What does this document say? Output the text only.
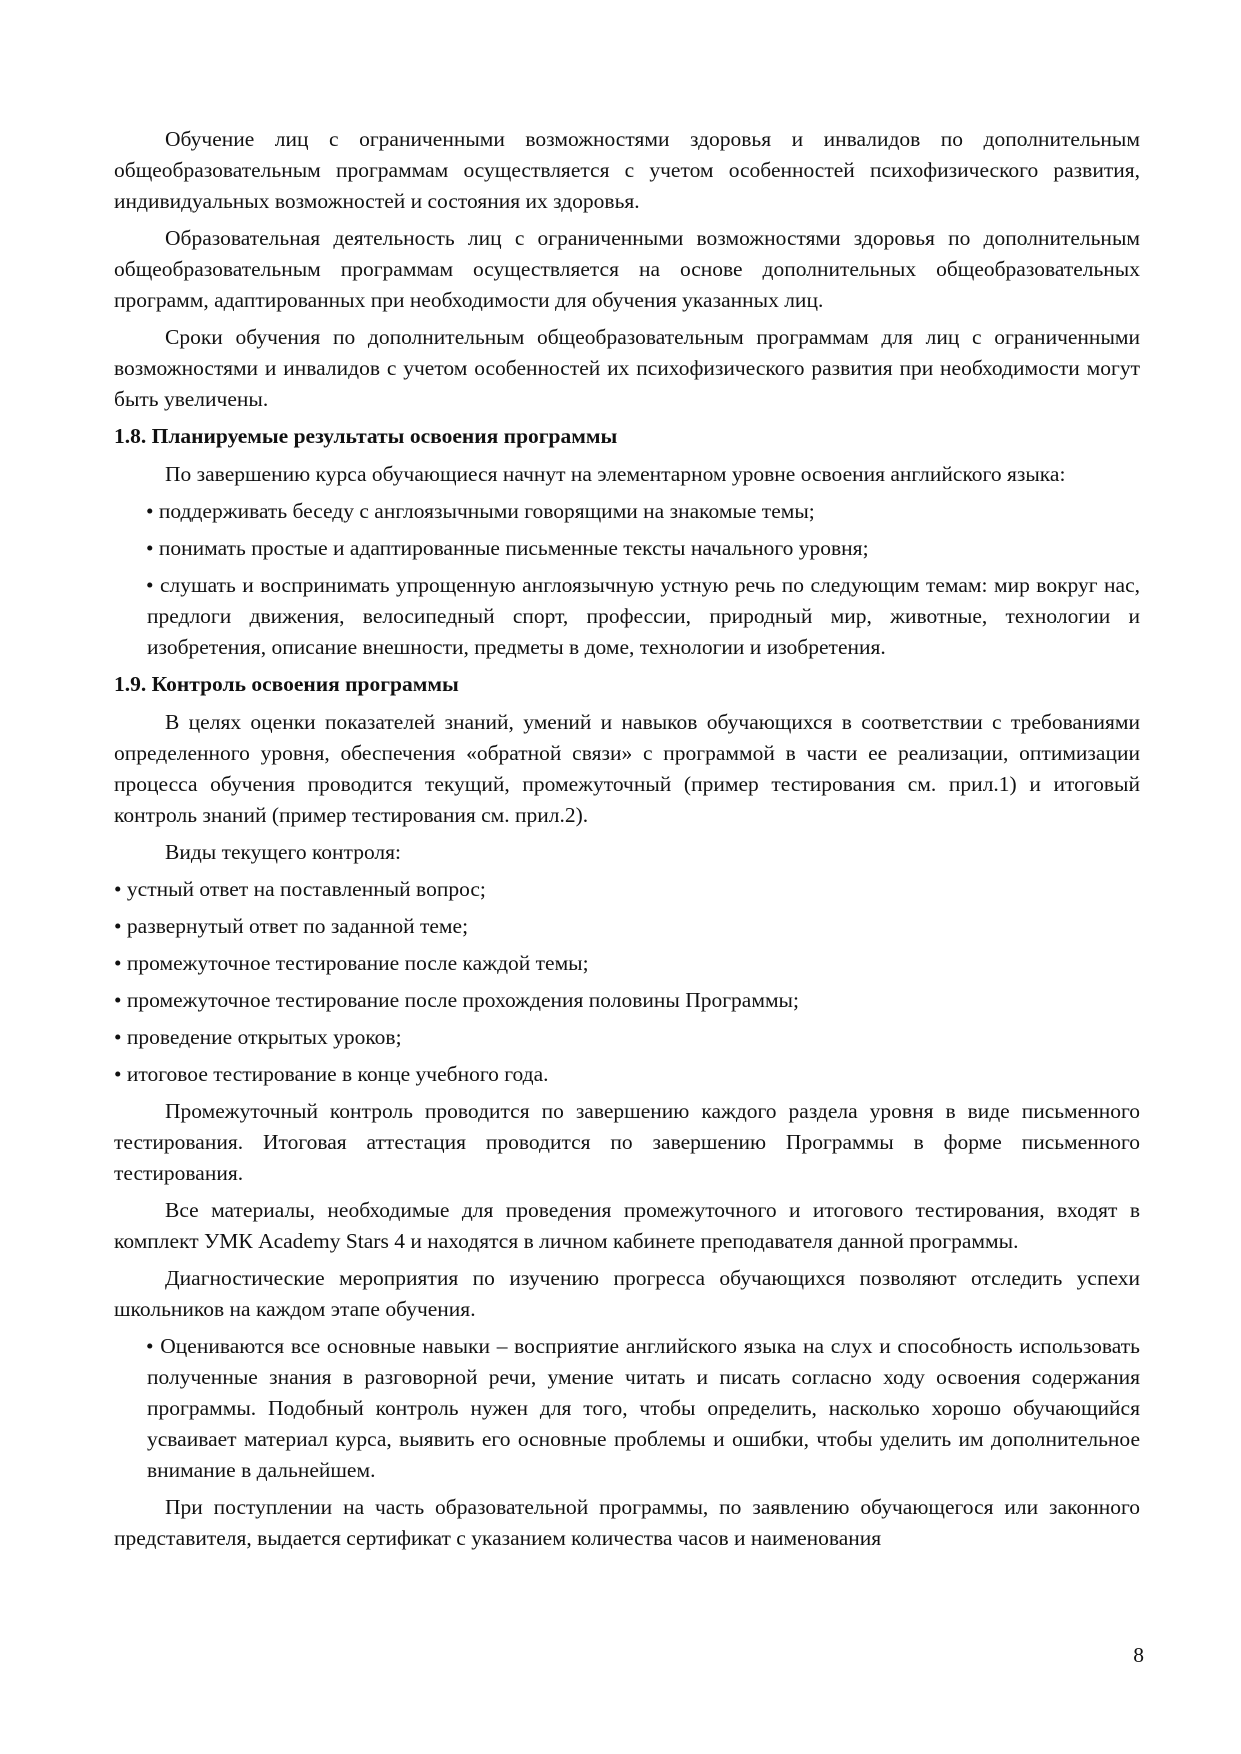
Обучение лиц с ограниченными возможностями здоровья и инвалидов по дополнительным общеобразовательным программам осуществляется с учетом особенностей психофизического развития, индивидуальных возможностей и состояния их здоровья.

Образовательная деятельность лиц с ограниченными возможностями здоровья по дополнительным общеобразовательным программам осуществляется на основе дополнительных общеобразовательных программ, адаптированных при необходимости для обучения указанных лиц.

Сроки обучения по дополнительным общеобразовательным программам для лиц с ограниченными возможностями и инвалидов с учетом особенностей их психофизического развития при необходимости могут быть увеличены.

1.8. Планируемые результаты освоения программы

По завершению курса обучающиеся начнут на элементарном уровне освоения английского языка:

• поддерживать беседу с англоязычными говорящими на знакомые темы;

• понимать простые и адаптированные письменные тексты начального уровня;

• слушать и воспринимать упрощенную англоязычную устную речь по следующим темам: мир вокруг нас, предлоги движения, велосипедный спорт, профессии, природный мир, животные, технологии и изобретения, описание внешности, предметы в доме, технологии и изобретения.

1.9. Контроль освоения программы

В целях оценки показателей знаний, умений и навыков обучающихся в соответствии с требованиями определенного уровня, обеспечения «обратной связи» с программой в части ее реализации, оптимизации процесса обучения проводится текущий, промежуточный (пример тестирования см. прил.1) и итоговый контроль знаний (пример тестирования см. прил.2).

Виды текущего контроля:

• устный ответ на поставленный вопрос;

• развернутый ответ по заданной теме;

• промежуточное тестирование после каждой темы;

• промежуточное тестирование после прохождения половины Программы;

• проведение открытых уроков;

• итоговое тестирование в конце учебного года.

Промежуточный контроль проводится по завершению каждого раздела уровня в виде письменного тестирования. Итоговая аттестация проводится по завершению Программы в форме письменного тестирования.

Все материалы, необходимые для проведения промежуточного и итогового тестирования, входят в комплект УМК Academy Stars 4 и находятся в личном кабинете преподавателя данной программы.

Диагностические мероприятия по изучению прогресса обучающихся позволяют отследить успехи школьников на каждом этапе обучения.

• Оцениваются все основные навыки – восприятие английского языка на слух и способность использовать полученные знания в разговорной речи, умение читать и писать согласно ходу освоения содержания программы. Подобный контроль нужен для того, чтобы определить, насколько хорошо обучающийся усваивает материал курса, выявить его основные проблемы и ошибки, чтобы уделить им дополнительное внимание в дальнейшем.

При поступлении на часть образовательной программы, по заявлению обучающегося или законного представителя, выдается сертификат с указанием количества часов и наименования

8
